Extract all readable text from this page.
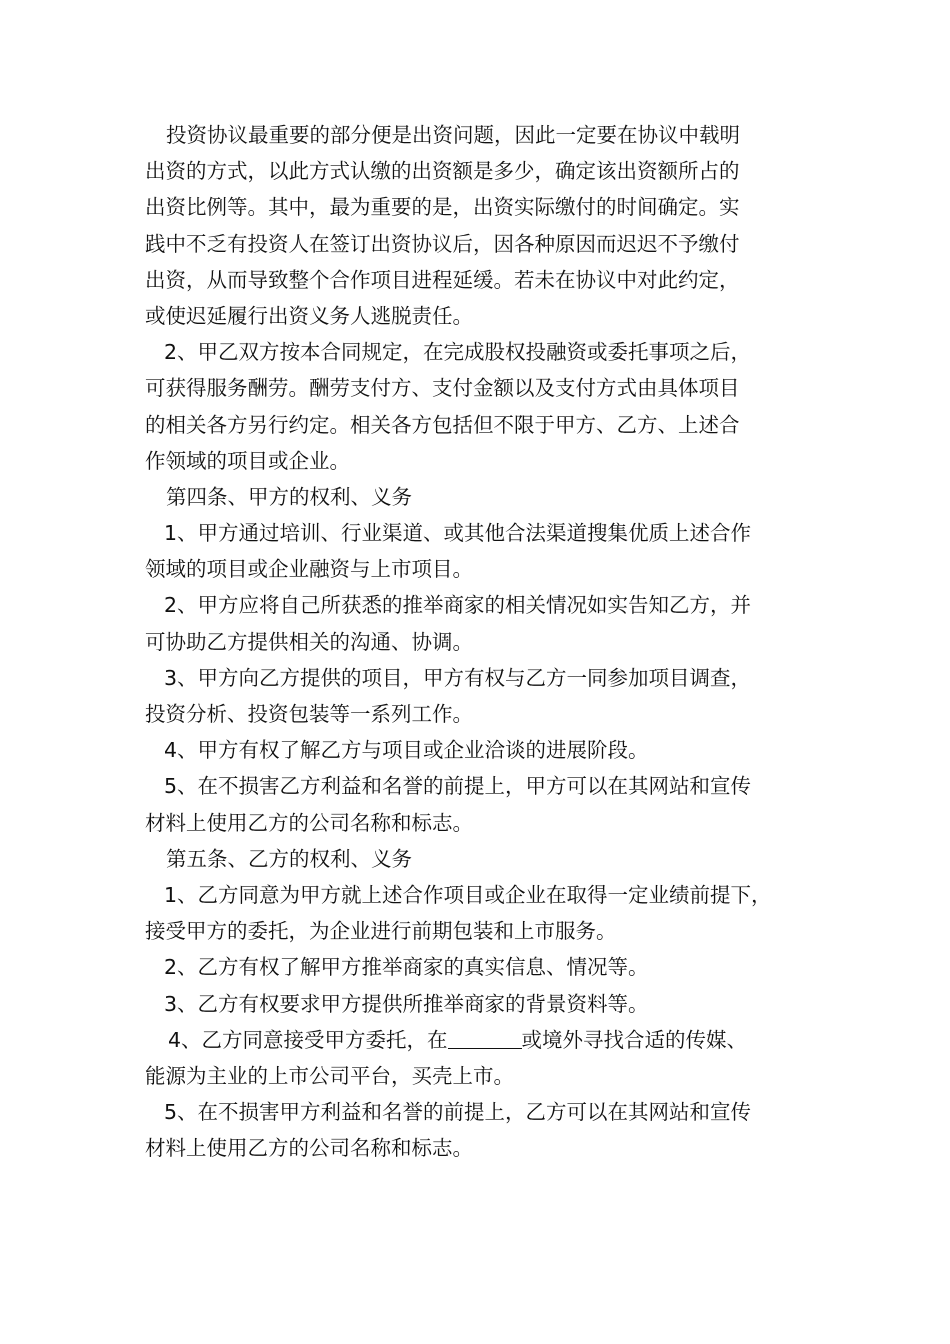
投资协议最重要的部分便是出资问题，因此一定要在协议中载明
出资的方式，以此方式认缴的出资额是多少，确定该出资额所占的
出资比例等。其中，最为重要的是，出资实际缴付的时间确定。实
践中不乏有投资人在签订出资协议后，因各种原因而迟迟不予缴付
出资，从而导致整个合作项目进程延缓。若未在协议中对此约定，
或使迟延履行出资义务人逃脱责任。
2、甲乙双方按本合同规定，在完成股权投融资或委托事项之后，
可获得服务酬劳。酬劳支付方、支付金额以及支付方式由具体项目
的相关各方另行约定。相关各方包括但不限于甲方、乙方、上述合
作领域的项目或企业。
第四条、甲方的权利、义务
1、甲方通过培训、行业渠道、或其他合法渠道搜集优质上述合作
领域的项目或企业融资与上市项目。
2、甲方应将自己所获悉的推举商家的相关情况如实告知乙方，并
可协助乙方提供相关的沟通、协调。
3、甲方向乙方提供的项目，甲方有权与乙方一同参加项目调查，
投资分析、投资包装等一系列工作。
4、甲方有权了解乙方与项目或企业洽谈的进展阶段。
5、在不损害乙方利益和名誉的前提上，甲方可以在其网站和宣传
材料上使用乙方的公司名称和标志。
第五条、乙方的权利、义务
1、乙方同意为甲方就上述合作项目或企业在取得一定业绩前提下，
接受甲方的委托，为企业进行前期包装和上市服务。
2、乙方有权了解甲方推举商家的真实信息、情况等。
3、乙方有权要求甲方提供所推举商家的背景资料等。
4、乙方同意接受甲方委托，在	或境外寻找合适的传媒、
能源为主业的上市公司平台，买壳上市。
5、在不损害甲方利益和名誉的前提上，乙方可以在其网站和宣传
材料上使用乙方的公司名称和标志。
